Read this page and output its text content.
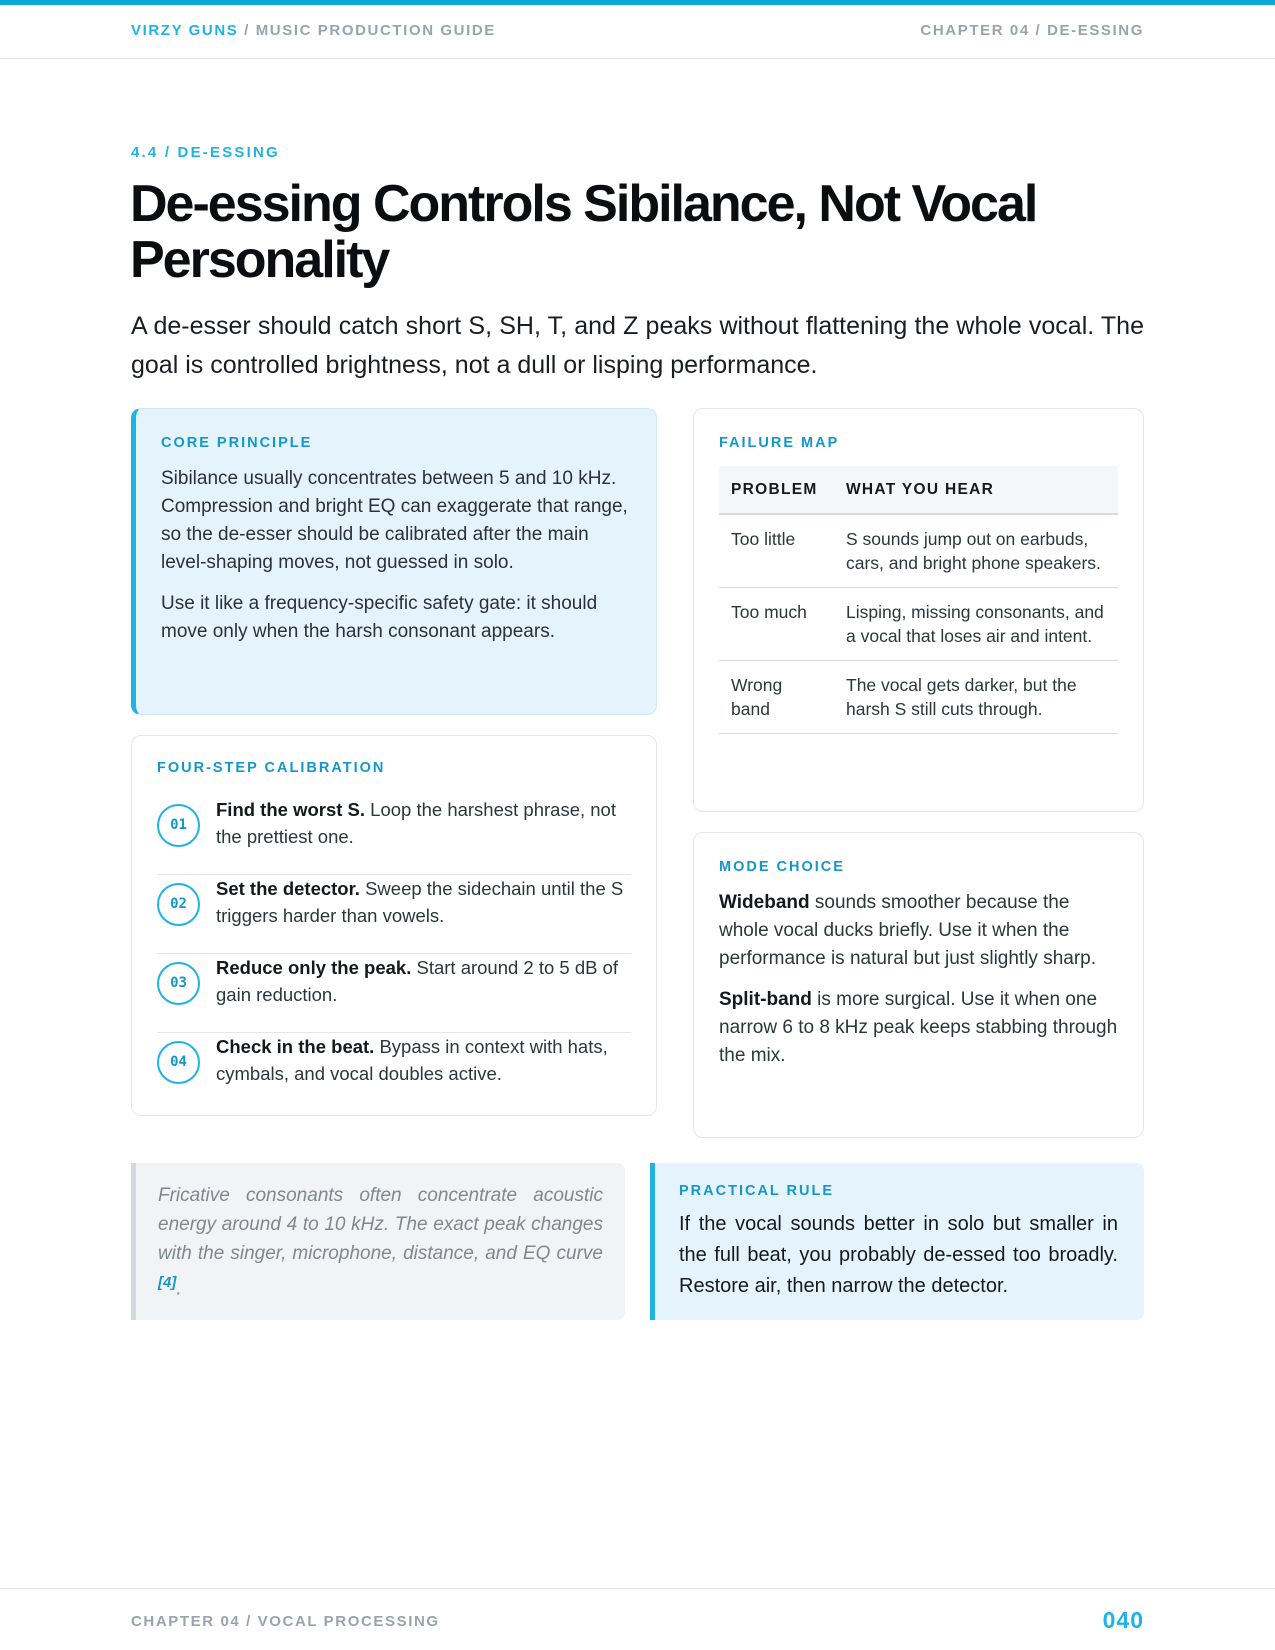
VIRZY GUNS / MUSIC PRODUCTION GUIDE	CHAPTER 04 / DE-ESSING
4.4 / DE-ESSING
De-essing Controls Sibilance, Not Vocal Personality

A de-esser should catch short S, SH, T, and Z peaks without flattening the whole vocal. The goal is controlled brightness, not a dull or lisping performance.

CORE PRINCIPLE

Sibilance usually concentrates between 5 and 10 kHz. Compression and bright EQ can exaggerate that range, so the de-esser should be calibrated after the main level-shaping moves, not guessed in solo.

Use it like a frequency-specific safety gate: it should move only when the harsh consonant appears.

FAILURE MAP
PROBLEM	WHAT YOU HEAR
Too little	S sounds jump out on earbuds, cars, and bright phone speakers.
Too much	Lisping, missing consonants, and a vocal that loses air and intent.
Wrong band	The vocal gets darker, but the harsh S still cuts through.
FOUR-STEP CALIBRATION
01
Find the worst S. Loop the harshest phrase, not the prettiest one.
02
Set the detector. Sweep the sidechain until the S triggers harder than vowels.
03
Reduce only the peak. Start around 2 to 5 dB of gain reduction.
04
Check in the beat. Bypass in context with hats, cymbals, and vocal doubles active.
MODE CHOICE

Wideband sounds smoother because the whole vocal ducks briefly. Use it when the performance is natural but just slightly sharp.

Split-band is more surgical. Use it when one narrow 6 to 8 kHz peak keeps stabbing through the mix.

Fricative consonants often concentrate acoustic energy around 4 to 10 kHz. The exact peak changes with the singer, microphone, distance, and EQ curve [4].

PRACTICAL RULE

If the vocal sounds better in solo but smaller in the full beat, you probably de-essed too broadly. Restore air, then narrow the detector.

CHAPTER 04 / VOCAL PROCESSING	040
